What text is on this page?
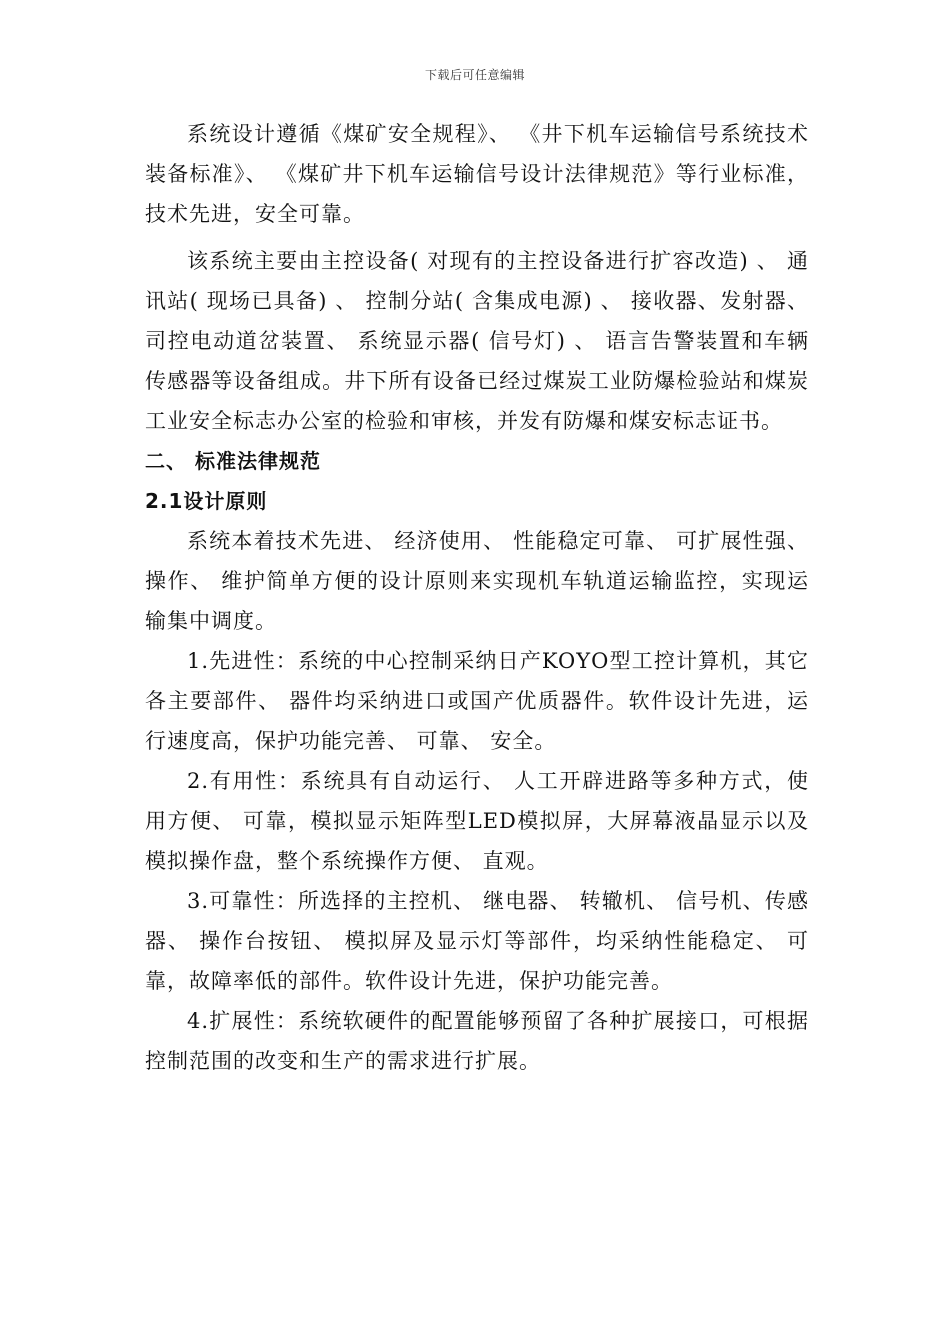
下载后可任意编辑

系统设计遵循《煤矿安全规程》、 《井下机车运输信号系统技术装备标准》、 《煤矿井下机车运输信号设计法律规范》等行业标准，技术先进，安全可靠。

该系统主要由主控设备( 对现有的主控设备进行扩容改造) 、 通讯站( 现场已具备) 、 控制分站( 含集成电源) 、 接收器、发射器、 司控电动道岔装置、 系统显示器( 信号灯) 、 语言告警装置和车辆传感器等设备组成。井下所有设备已经过煤炭工业防爆检验站和煤炭工业安全标志办公室的检验和审核，并发有防爆和煤安标志证书。

二、 标准法律规范
2.1设计原则

系统本着技术先进、 经济使用、 性能稳定可靠、 可扩展性强、 操作、 维护简单方便的设计原则来实现机车轨道运输监控，实现运输集中调度。

1.先进性：系统的中心控制采纳日产KOYO型工控计算机，其它各主要部件、 器件均采纳进口或国产优质器件。软件设计先进，运行速度高，保护功能完善、 可靠、 安全。

2.有用性：系统具有自动运行、 人工开辟进路等多种方式，使用方便、 可靠，模拟显示矩阵型LED模拟屏，大屏幕液晶显示以及模拟操作盘，整个系统操作方便、 直观。

3.可靠性：所选择的主控机、 继电器、 转辙机、 信号机、传感器、 操作台按钮、 模拟屏及显示灯等部件，均采纳性能稳定、 可靠，故障率低的部件。软件设计先进，保护功能完善。

4.扩展性：系统软硬件的配置能够预留了各种扩展接口，可根据控制范围的改变和生产的需求进行扩展。
